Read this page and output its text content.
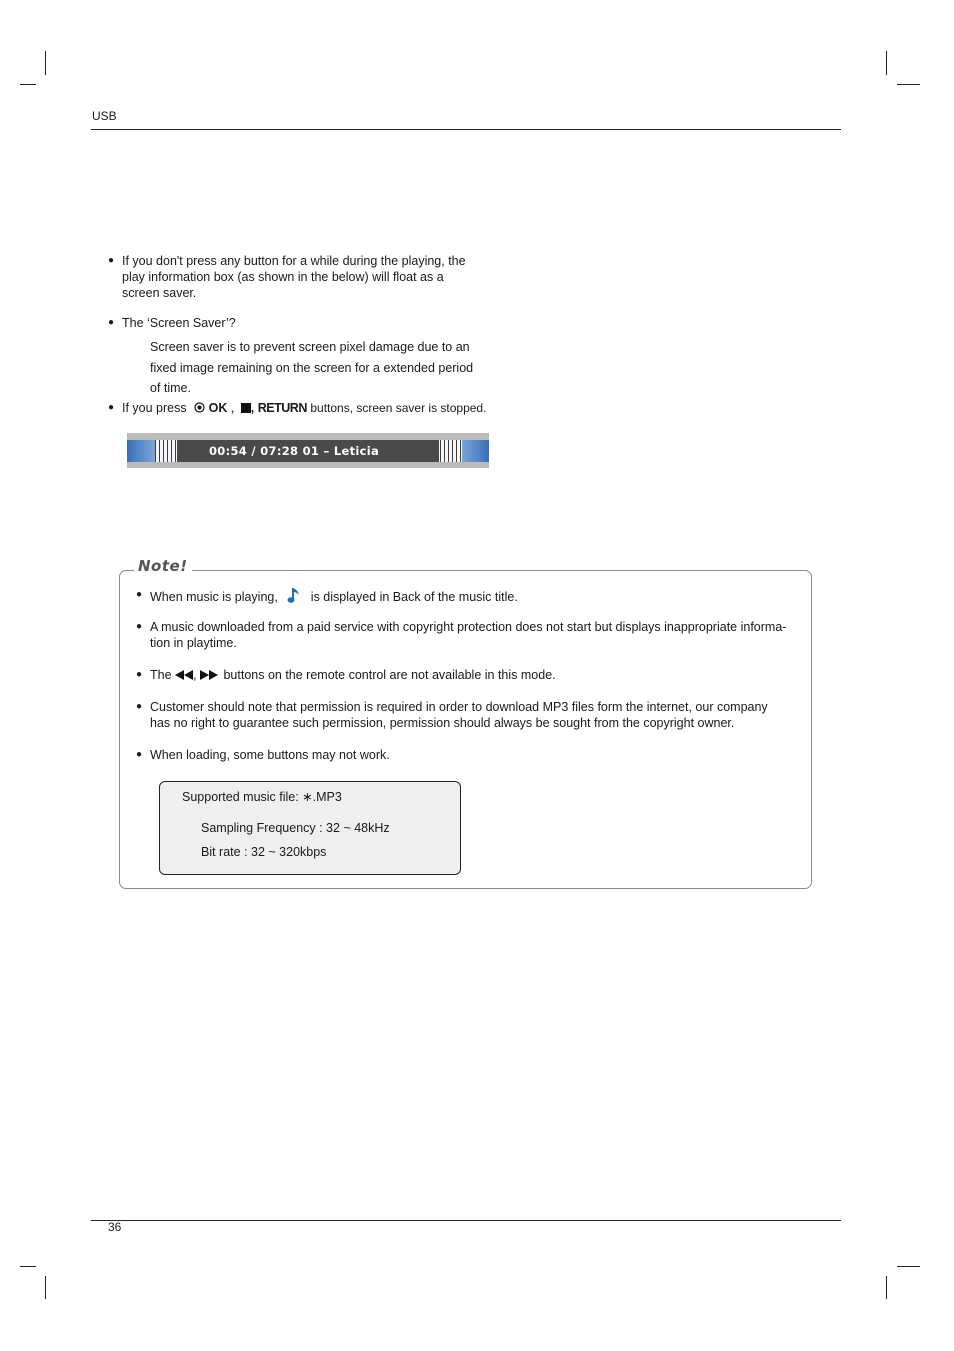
USB
● If you don't press any button for a while during the playing, the
play information box (as shown in the below) will float as a
screen saver.
● The ‘Screen Saver’?
Screen saver is to prevent screen pixel damage due to an
fixed image remaining on the screen for a extended period
of time.
● If you press OK , , RETURN buttons, screen saver is stopped.
00:54 / 07:28 01 – Leticia
Note!
● When music is playing,	is displayed in Back of the music title.
● A music downloaded from a paid service with copyright protection does not start but displays inappropriate informa-
tion in playtime.
● The , buttons on the remote control are not available in this mode.
● Customer should note that permission is required in order to download MP3 files form the internet, our company
has no right to guarantee such permission, permission should always be sought from the copyright owner.
● When loading, some buttons may not work.
Supported music file: ∗.MP3
Sampling Frequency : 32 ~ 48kHz
Bit rate : 32 ~ 320kbps
36
